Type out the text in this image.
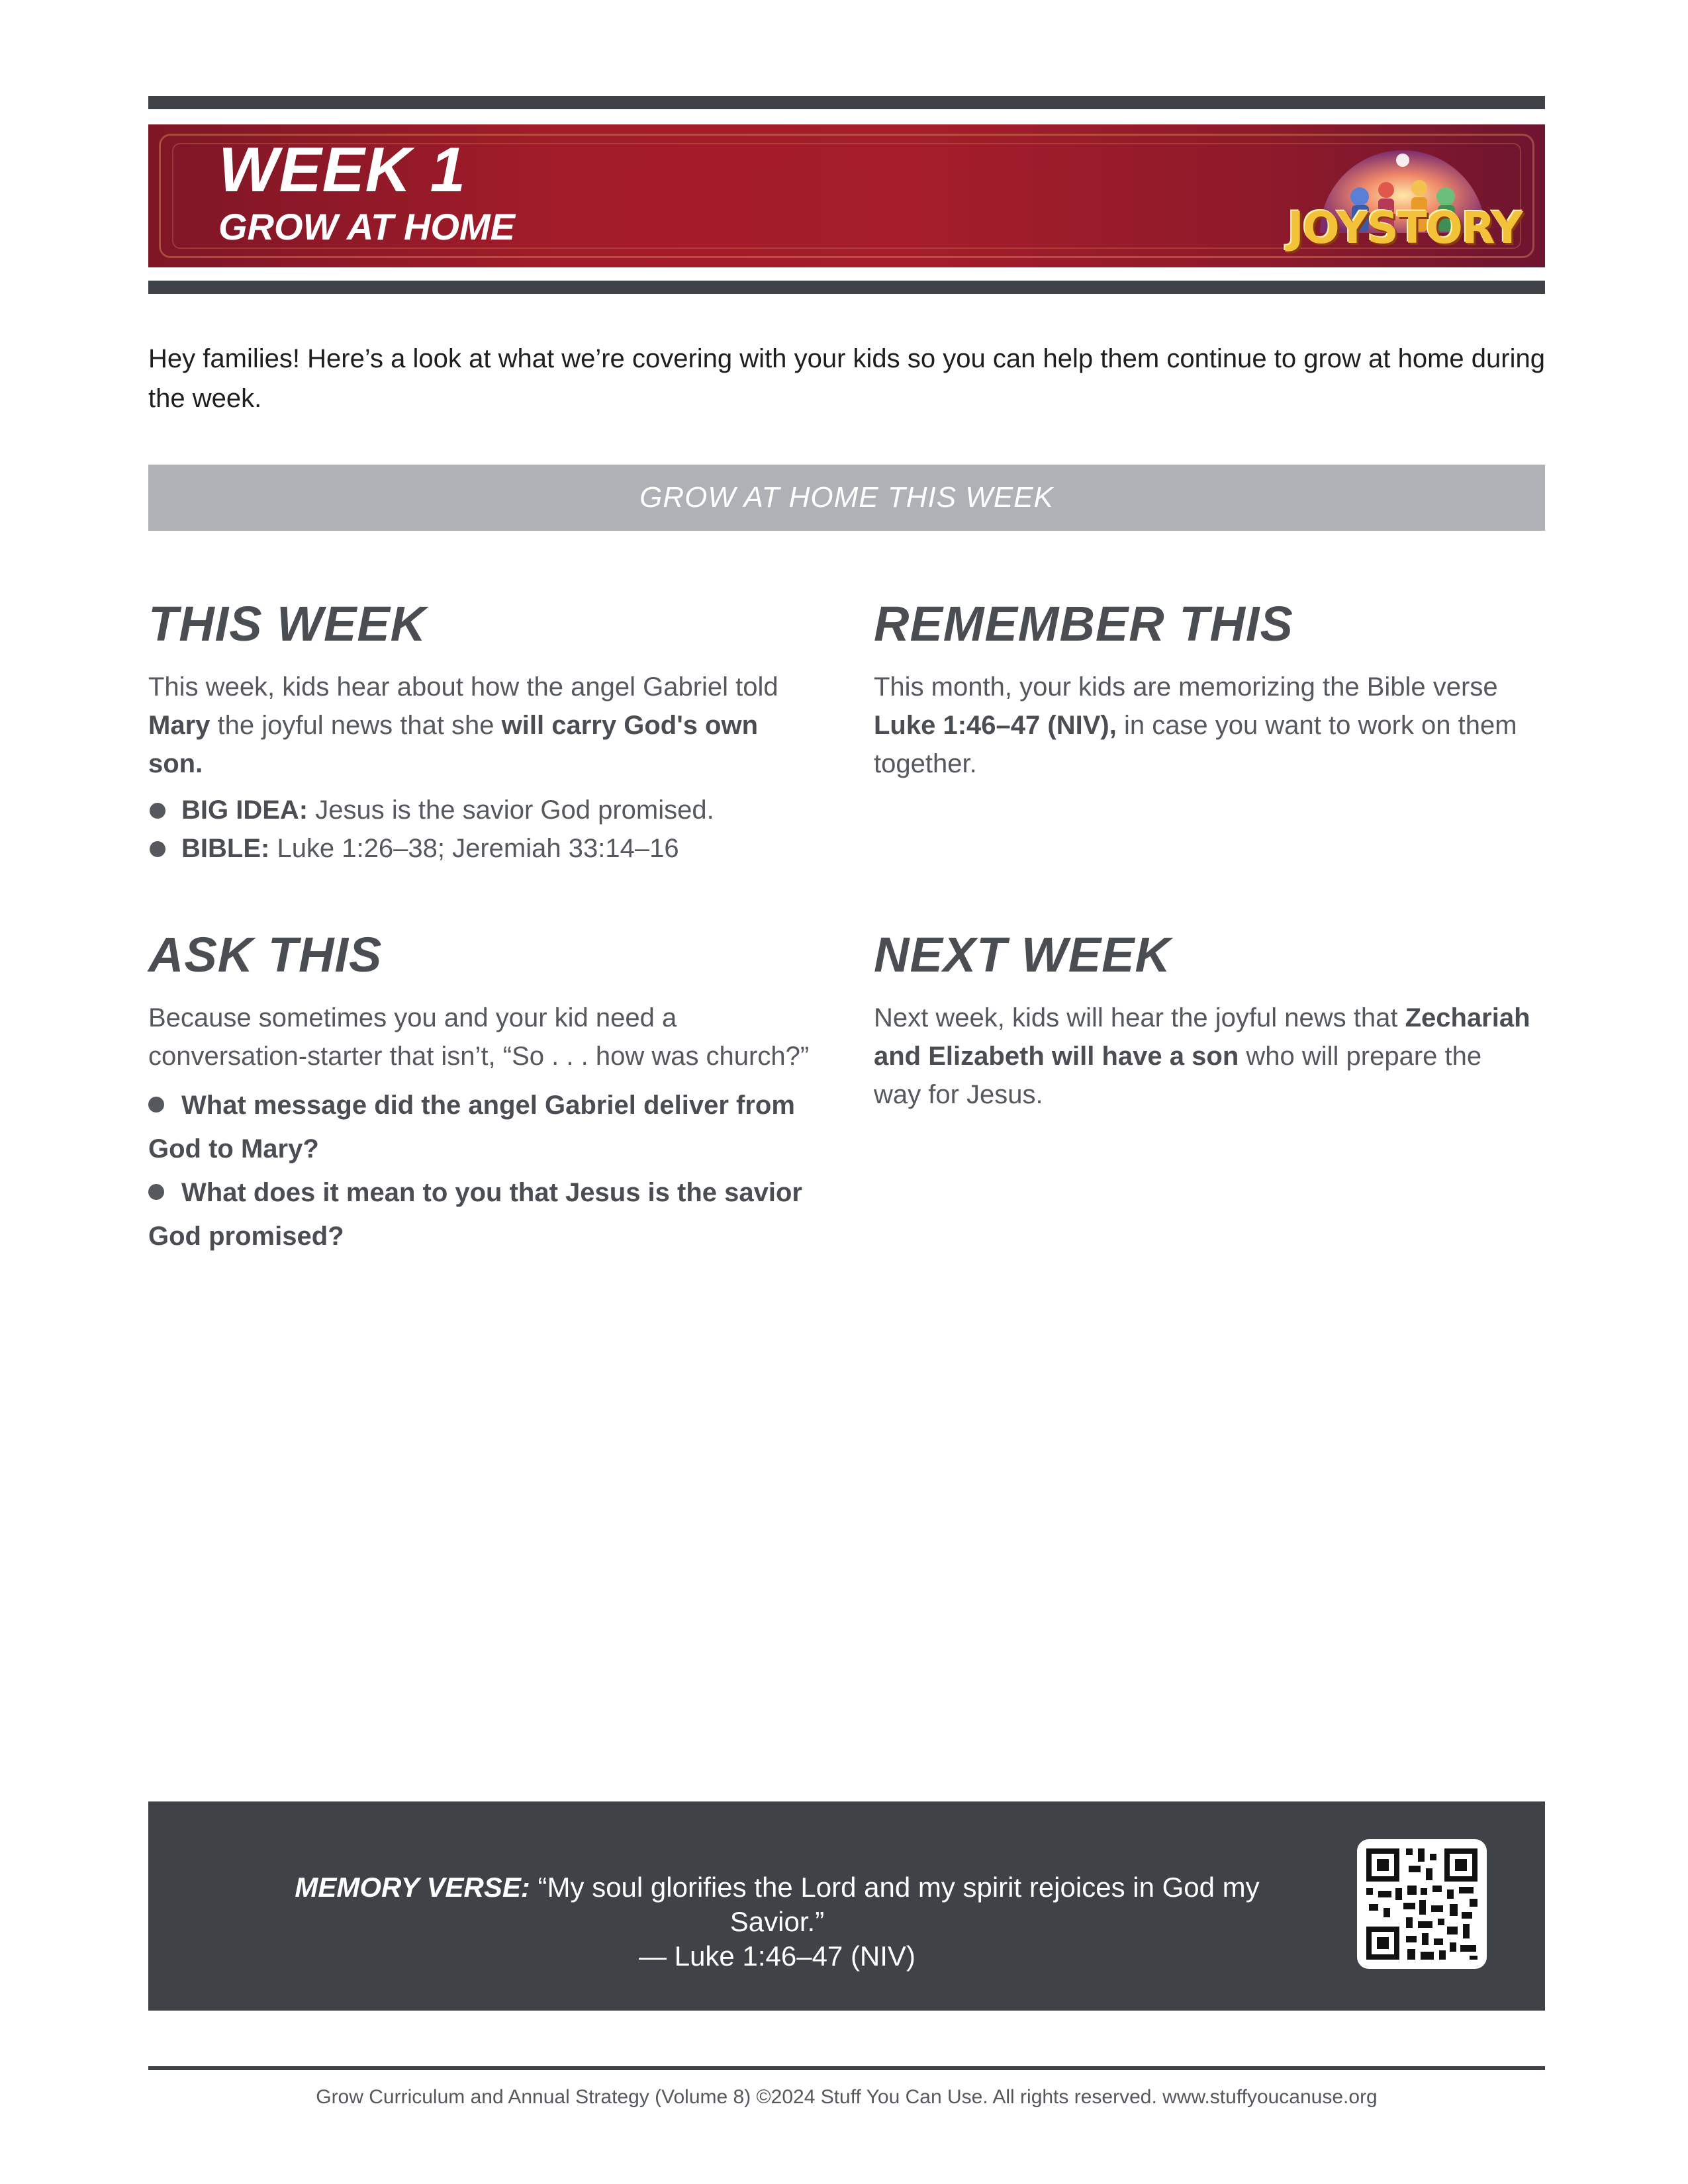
WEEK 1
GROW AT HOME	JOYSTORY

Hey families! Here’s a look at what we’re covering with your kids so you can help them continue to grow at home during the week.

GROW AT HOME THIS WEEK
THIS WEEK

This week, kids hear about how the angel Gabriel told Mary the joyful news that she will carry God's own son.

BIG IDEA: Jesus is the savior God promised.
BIBLE: Luke 1:26–38; Jeremiah 33:14–16
REMEMBER THIS

This month, your kids are memorizing the Bible verse Luke 1:46–47 (NIV), in case you want to work on them together.

ASK THIS

Because sometimes you and your kid need a conversation-starter that isn’t, “So . . . how was church?”

What message did the angel Gabriel deliver from God to Mary?
What does it mean to you that Jesus is the savior God promised?
NEXT WEEK

Next week, kids will hear the joyful news that Zechariah and Elizabeth will have a son who will prepare the way for Jesus.

MEMORY VERSE: “My soul glorifies the Lord and my spirit rejoices in God my Savior.”
— Luke 1:46–47 (NIV)

Grow Curriculum and Annual Strategy (Volume 8) ©2024 Stuff You Can Use. All rights reserved. www.stuffyoucanuse.org
